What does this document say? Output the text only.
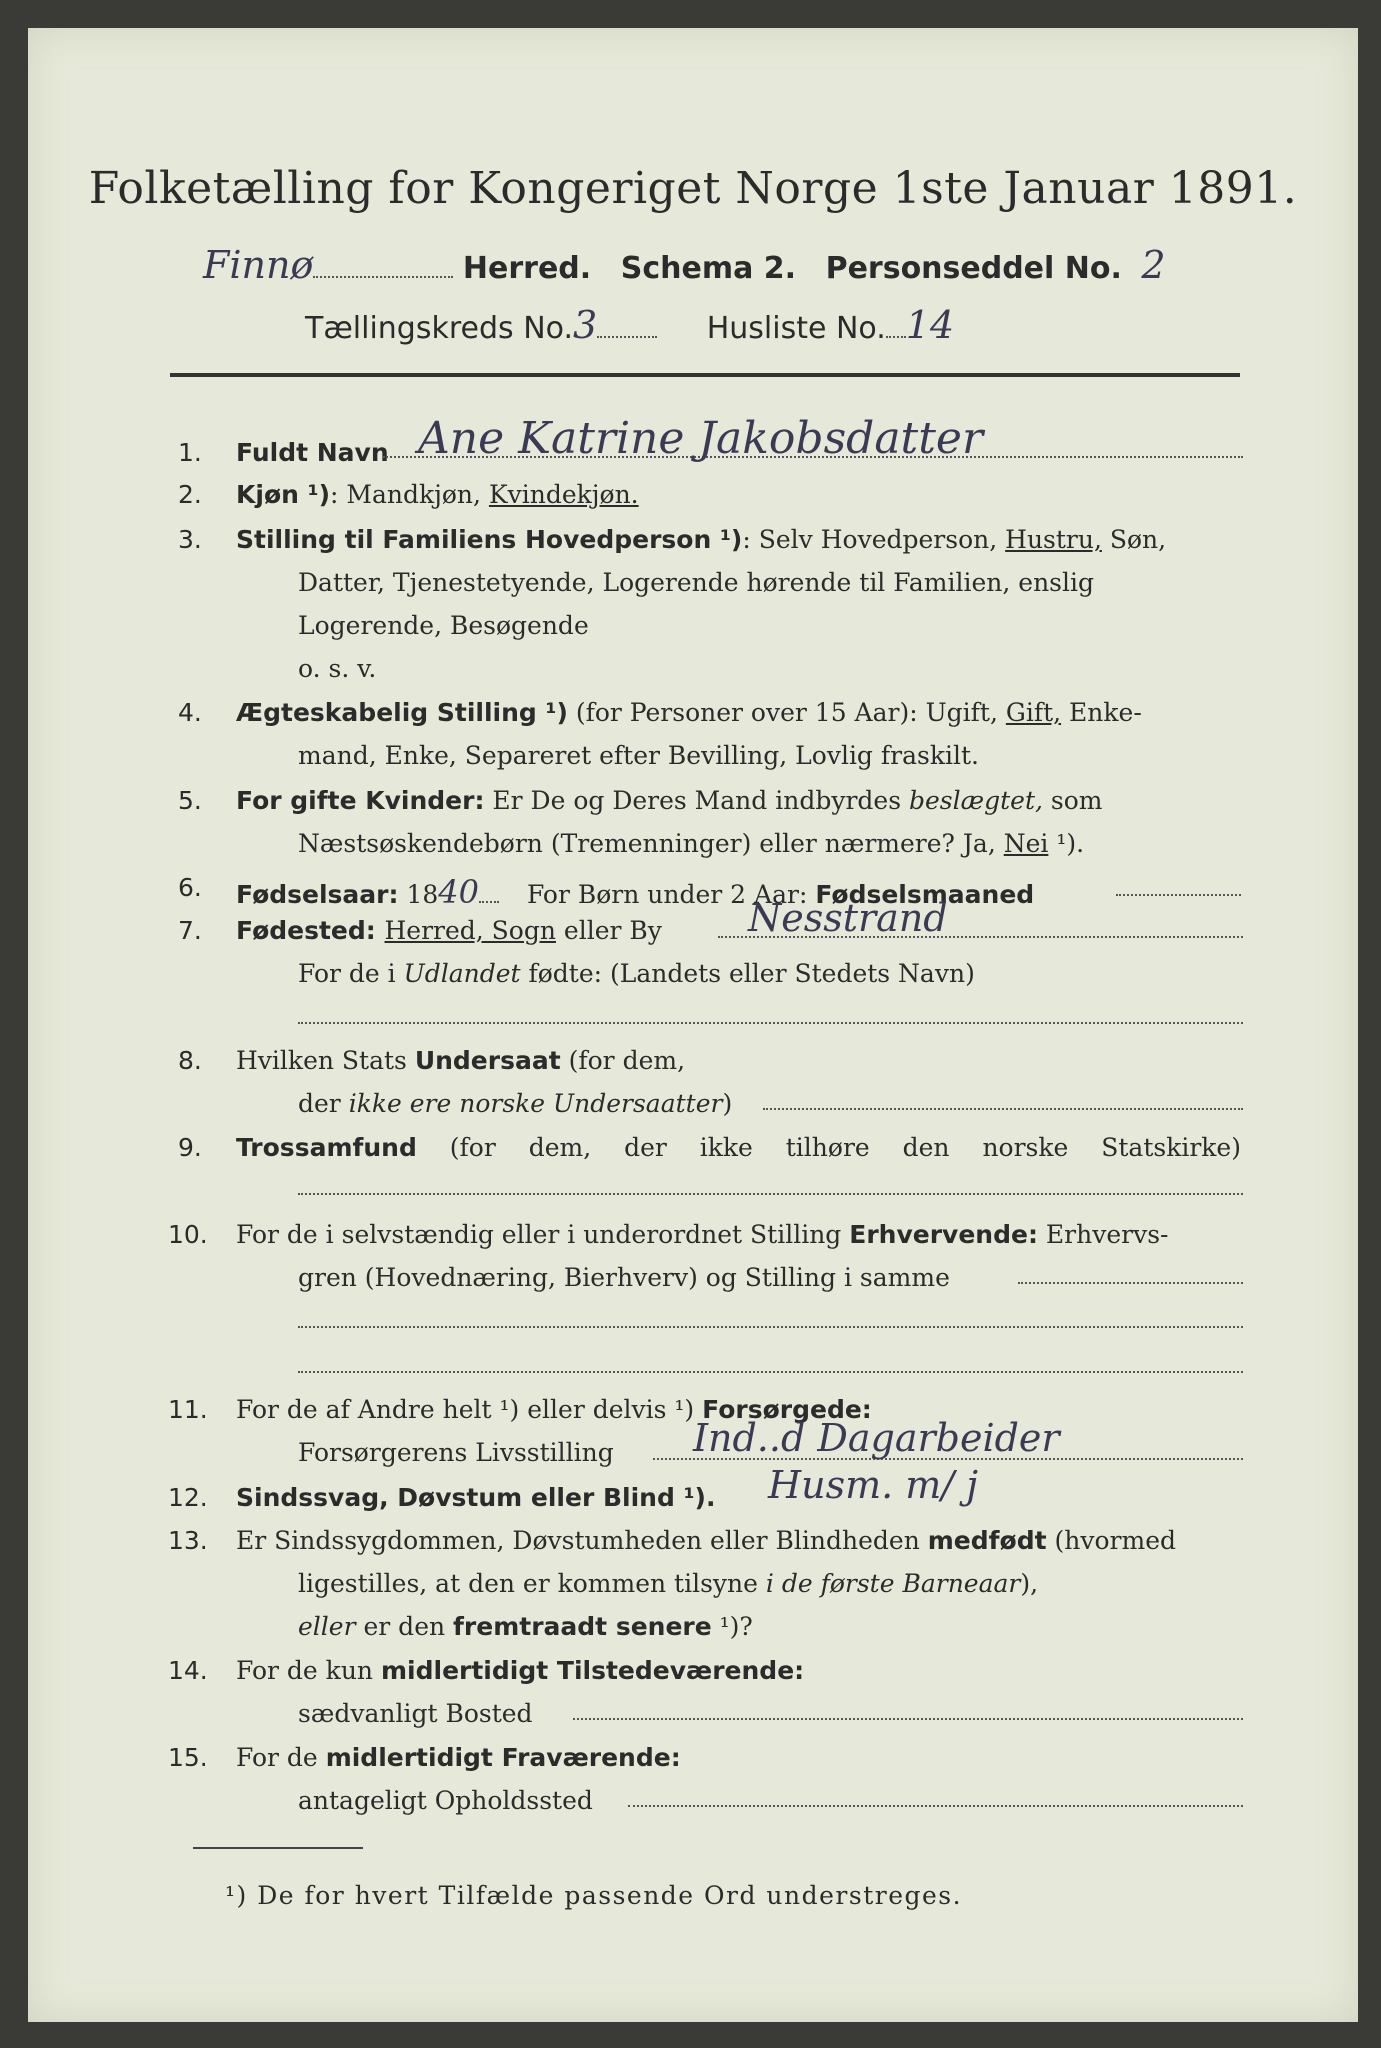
Folketælling for Kongeriget Norge 1ste Januar 1891.
Finnø	Herred. Schema 2. Personseddel No. 2
Tællingskreds No.3	Husliste No. 14
1. Fuldt Navn Ane Katrine Jakobsdatter
2. Kjøn ¹): Mandkjøn, Kvindekjøn.
3. Stilling til Familiens Hovedperson ¹): Selv Hovedperson, Hustru, Søn,
Datter, Tjenestetyende, Logerende hørende til Familien, enslig
Logerende, Besøgende
o. s. v.
4. Ægteskabelig Stilling ¹) (for Personer over 15 Aar): Ugift, Gift, Enke-
mand, Enke, Separeret efter Bevilling, Lovlig fraskilt.
5. For gifte Kvinder: Er De og Deres Mand indbyrdes beslægtet, som
Næstsøskendebørn (Tremenninger) eller nærmere? Ja, Nei ¹).
6. Fødselsaar: 1840 For Børn under 2 Aar: Fødselsmaaned
7. Fødested: Herred, Sogn eller By Nesstrand
For de i Udlandet fødte: (Landets eller Stedets Navn)
8. Hvilken Stats Undersaat (for dem,
der ikke ere norske Undersaatter)
9. Trossamfund (for dem, der ikke tilhøre den norske Statskirke)
10. For de i selvstændig eller i underordnet Stilling Erhvervende: Erhvervs-
gren (Hovednæring, Bierhverv) og Stilling i samme
11. For de af Andre helt ¹) eller delvis ¹) Forsørgede:
Forsørgerens Livsstilling Ind..d Dagarbeider
12. Sindssvag, Døvstum eller Blind ¹). Husm. m/ j
13. Er Sindssygdommen, Døvstumheden eller Blindheden medfødt (hvormed
ligestilles, at den er kommen tilsyne i de første Barneaar),
eller er den fremtraadt senere ¹)?
14. For de kun midlertidigt Tilstedeværende:
sædvanligt Bosted
15. For de midlertidigt Fraværende:
antageligt Opholdssted
¹) De for hvert Tilfælde passende Ord understreges.
